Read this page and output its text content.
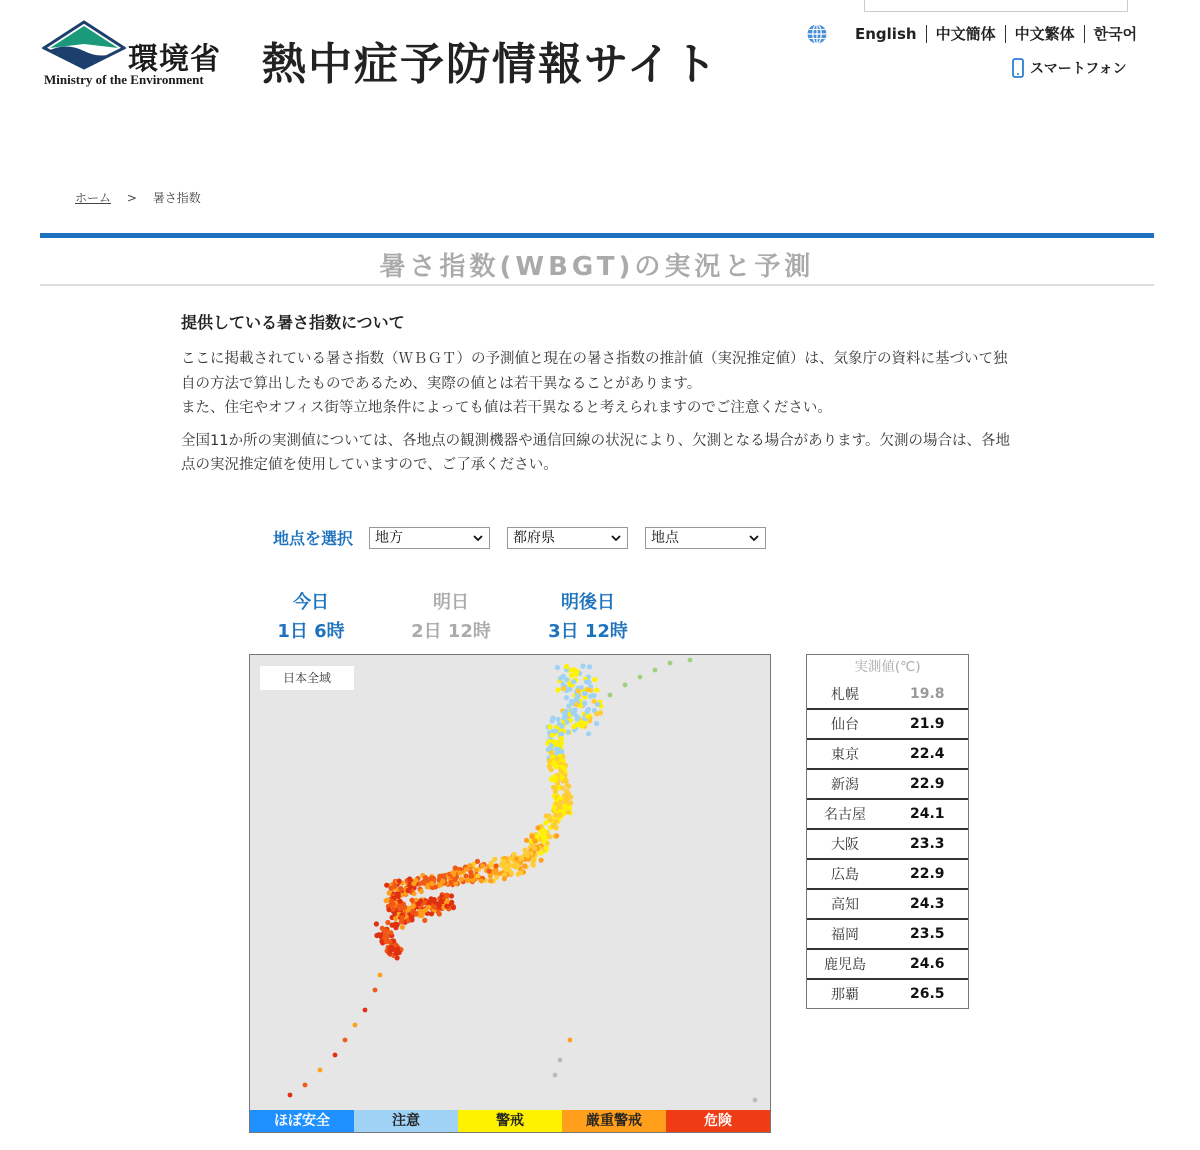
環境省
Ministry of the Environment 熱中症予防情報サイト
English	中文簡体	中文繁体	한국어
スマートフォン
ホーム > 暑さ指数
暑さ指数(WBGT)の実況と予測
提供している暑さ指数について

ここに掲載されている暑さ指数（ＷＢＧＴ）の予測値と現在の暑さ指数の推計値（実況推定値）は、気象庁の資料に基づいて独自の方法で算出したものであるため、実際の値とは若干異なることがあります。
また、住宅やオフィス街等立地条件によっても値は若干異なると考えられますのでご注意ください。

全国11か所の実測値については、各地点の観測機器や通信回線の状況により、欠測となる場合があります。欠測の場合は、各地点の実況推定値を使用していますので、ご了承ください。

地点を選択	地方	都府県	地点
今日
1日 6時
明日
2日 12時
明後日
3日 12時
日本全域
ほぼ安全	注意	警戒	厳重警戒	危険
実測値(℃)
札幌	19.8
仙台	21.9
東京	22.4
新潟	22.9
名古屋	24.1
大阪	23.3
広島	22.9
高知	24.3
福岡	23.5
鹿児島	24.6
那覇	26.5
